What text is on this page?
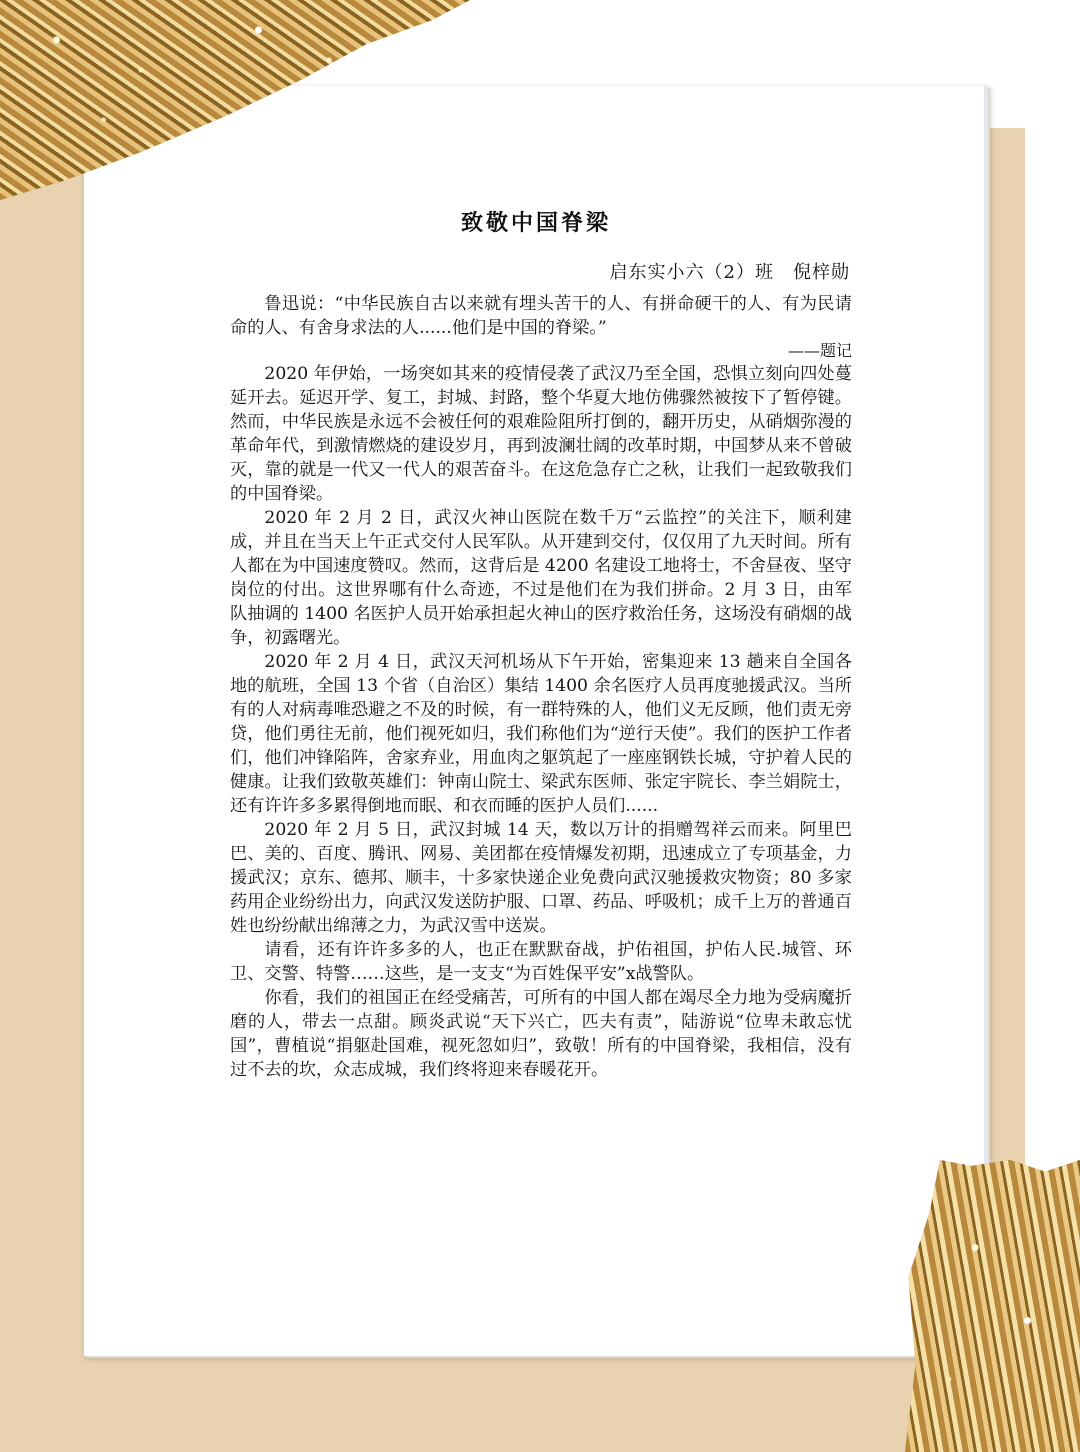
致敬中国脊梁
启东实小六（2）班　倪梓勋

鲁迅说：“中华民族自古以来就有埋头苦干的人、有拼命硬干的人、有为民请命的人、有舍身求法的人......他们是中国的脊梁。”

——题记

2020 年伊始，一场突如其来的疫情侵袭了武汉乃至全国，恐惧立刻向四处蔓延开去。延迟开学、复工，封城、封路，整个华夏大地仿佛骤然被按下了暂停键。然而，中华民族是永远不会被任何的艰难险阻所打倒的，翻开历史，从硝烟弥漫的革命年代，到激情燃烧的建设岁月，再到波澜壮阔的改革时期，中国梦从来不曾破灭，靠的就是一代又一代人的艰苦奋斗。在这危急存亡之秋，让我们一起致敬我们的中国脊梁。

2020 年 2 月 2 日，武汉火神山医院在数千万“云监控”的关注下，顺利建成，并且在当天上午正式交付人民军队。从开建到交付，仅仅用了九天时间。所有人都在为中国速度赞叹。然而，这背后是 4200 名建设工地将士，不舍昼夜、坚守岗位的付出。这世界哪有什么奇迹，不过是他们在为我们拼命。2 月 3 日，由军队抽调的 1400 名医护人员开始承担起火神山的医疗救治任务，这场没有硝烟的战争，初露曙光。

2020 年 2 月 4 日，武汉天河机场从下午开始，密集迎来 13 趟来自全国各地的航班，全国 13 个省（自治区）集结 1400 余名医疗人员再度驰援武汉。当所有的人对病毒唯恐避之不及的时候，有一群特殊的人，他们义无反顾，他们责无旁贷，他们勇往无前，他们视死如归，我们称他们为“逆行天使”。我们的医护工作者们，他们冲锋陷阵，舍家弃业，用血肉之躯筑起了一座座钢铁长城，守护着人民的健康。让我们致敬英雄们：钟南山院士、梁武东医师、张定宇院长、李兰娟院士，还有许许多多累得倒地而眠、和衣而睡的医护人员们......

2020 年 2 月 5 日，武汉封城 14 天，数以万计的捐赠驾祥云而来。阿里巴巴、美的、百度、腾讯、网易、美团都在疫情爆发初期，迅速成立了专项基金，力援武汉；京东、德邦、顺丰，十多家快递企业免费向武汉驰援救灾物资；80 多家药用企业纷纷出力，向武汉发送防护服、口罩、药品、呼吸机；成千上万的普通百姓也纷纷献出绵薄之力，为武汉雪中送炭。

请看，还有许许多多的人，也正在默默奋战，护佑祖国，护佑人民.城管、环卫、交警、特警……这些，是一支支“为百姓保平安”x战警队。

你看，我们的祖国正在经受痛苦，可所有的中国人都在竭尽全力地为受病魔折磨的人，带去一点甜。顾炎武说“天下兴亡，匹夫有责”，陆游说“位卑未敢忘忧国”，曹植说“捐躯赴国难，视死忽如归”，致敬！所有的中国脊梁，我相信，没有过不去的坎，众志成城，我们终将迎来春暖花开。
